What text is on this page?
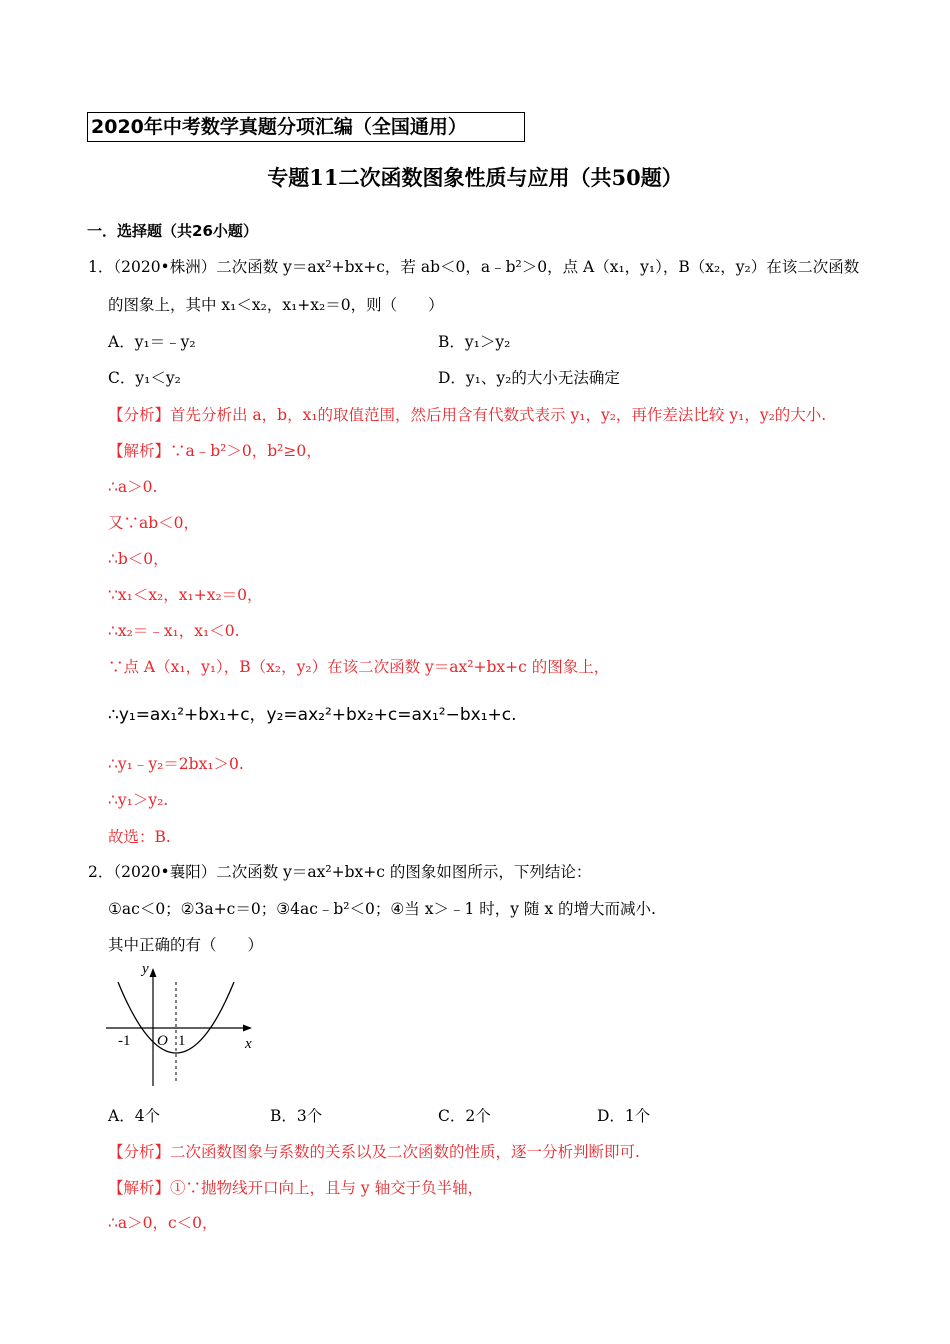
2020年中考数学真题分项汇编（全国通用）
专题11二次函数图象性质与应用（共50题）
一．选择题（共26小题）
1．（2020•株洲）二次函数 y＝ax²+bx+c，若 ab＜0，a﹣b²＞0，点 A（x₁，y₁），B（x₂，y₂）在该二次函数
的图象上，其中 x₁＜x₂，x₁+x₂＝0，则（　　）
A．y₁＝﹣y₂	B．y₁＞y₂
C．y₁＜y₂	D．y₁、y₂的大小无法确定
【分析】首先分析出 a，b，x₁的取值范围，然后用含有代数式表示 y₁，y₂，再作差法比较 y₁，y₂的大小.
【解析】∵a﹣b²＞0，b²≥0，
∴a＞0.
又∵ab＜0，
∴b＜0，
∵x₁＜x₂，x₁+x₂＝0，
∴x₂＝﹣x₁，x₁＜0.
∵点 A（x₁，y₁），B（x₂，y₂）在该二次函数 y＝ax²+bx+c 的图象上，
∴y₁=ax₁²+bx₁+c，y₂=ax₂²+bx₂+c=ax₁²−bx₁+c.
∴y₁﹣y₂＝2bx₁＞0.
∴y₁＞y₂.
故选：B.
2．（2020•襄阳）二次函数 y＝ax²+bx+c 的图象如图所示，下列结论：
①ac＜0；②3a+c＝0；③4ac﹣b²＜0；④当 x＞﹣1 时，y 随 x 的增大而减小.
其中正确的有（　　）
y
x
O
-1	1
A．4个	B．3个	C．2个	D．1个
【分析】二次函数图象与系数的关系以及二次函数的性质，逐一分析判断即可.
【解析】①∵抛物线开口向上，且与 y 轴交于负半轴，
∴a＞0，c＜0，
